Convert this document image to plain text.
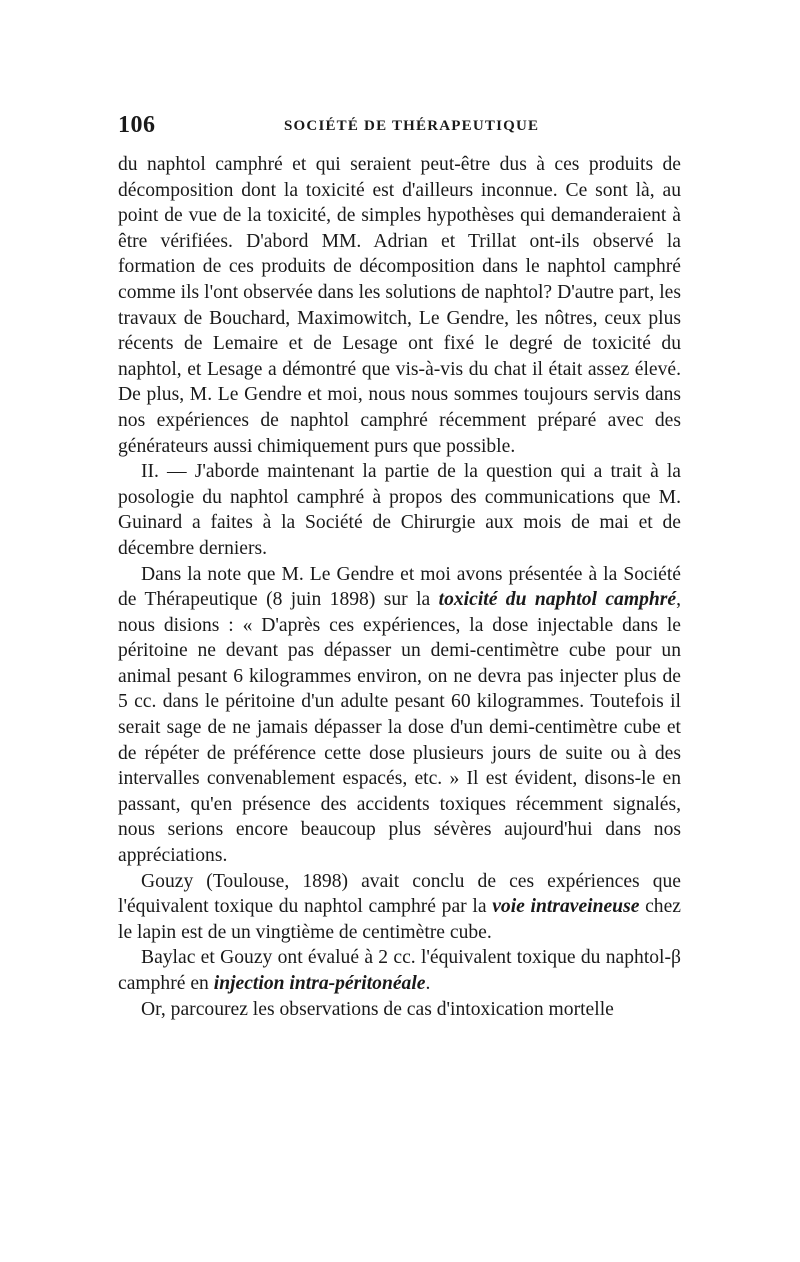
106	SOCIÉTÉ DE THÉRAPEUTIQUE

du naphtol camphré et qui seraient peut-être dus à ces produits de décomposition dont la toxicité est d'ailleurs inconnue. Ce sont là, au point de vue de la toxicité, de simples hypothèses qui demanderaient à être vérifiées. D'abord MM. Adrian et Trillat ont-ils observé la formation de ces produits de décomposition dans le naphtol camphré comme ils l'ont observée dans les solutions de naphtol? D'autre part, les travaux de Bouchard, Maximowitch, Le Gendre, les nôtres, ceux plus récents de Lemaire et de Lesage ont fixé le degré de toxicité du naphtol, et Lesage a démontré que vis-à-vis du chat il était assez élevé. De plus, M. Le Gendre et moi, nous nous sommes toujours servis dans nos expériences de naphtol camphré récemment préparé avec des générateurs aussi chimiquement purs que possible.

II. — J'aborde maintenant la partie de la question qui a trait à la posologie du naphtol camphré à propos des communications que M. Guinard a faites à la Société de Chirurgie aux mois de mai et de décembre derniers.

Dans la note que M. Le Gendre et moi avons présentée à la Société de Thérapeutique (8 juin 1898) sur la toxicité du naphtol camphré, nous disions : « D'après ces expériences, la dose injectable dans le péritoine ne devant pas dépasser un demi-centimètre cube pour un animal pesant 6 kilogrammes environ, on ne devra pas injecter plus de 5 cc. dans le péritoine d'un adulte pesant 60 kilogrammes. Toutefois il serait sage de ne jamais dépasser la dose d'un demi-centimètre cube et de répéter de préférence cette dose plusieurs jours de suite ou à des intervalles convenablement espacés, etc. » Il est évident, disons-le en passant, qu'en présence des accidents toxiques récemment signalés, nous serions encore beaucoup plus sévères aujourd'hui dans nos appréciations.

Gouzy (Toulouse, 1898) avait conclu de ces expériences que l'équivalent toxique du naphtol camphré par la voie intraveineuse chez le lapin est de un vingtième de centimètre cube.

Baylac et Gouzy ont évalué à 2 cc. l'équivalent toxique du naphtol-β camphré en injection intra-péritonéale.

Or, parcourez les observations de cas d'intoxication mortelle
